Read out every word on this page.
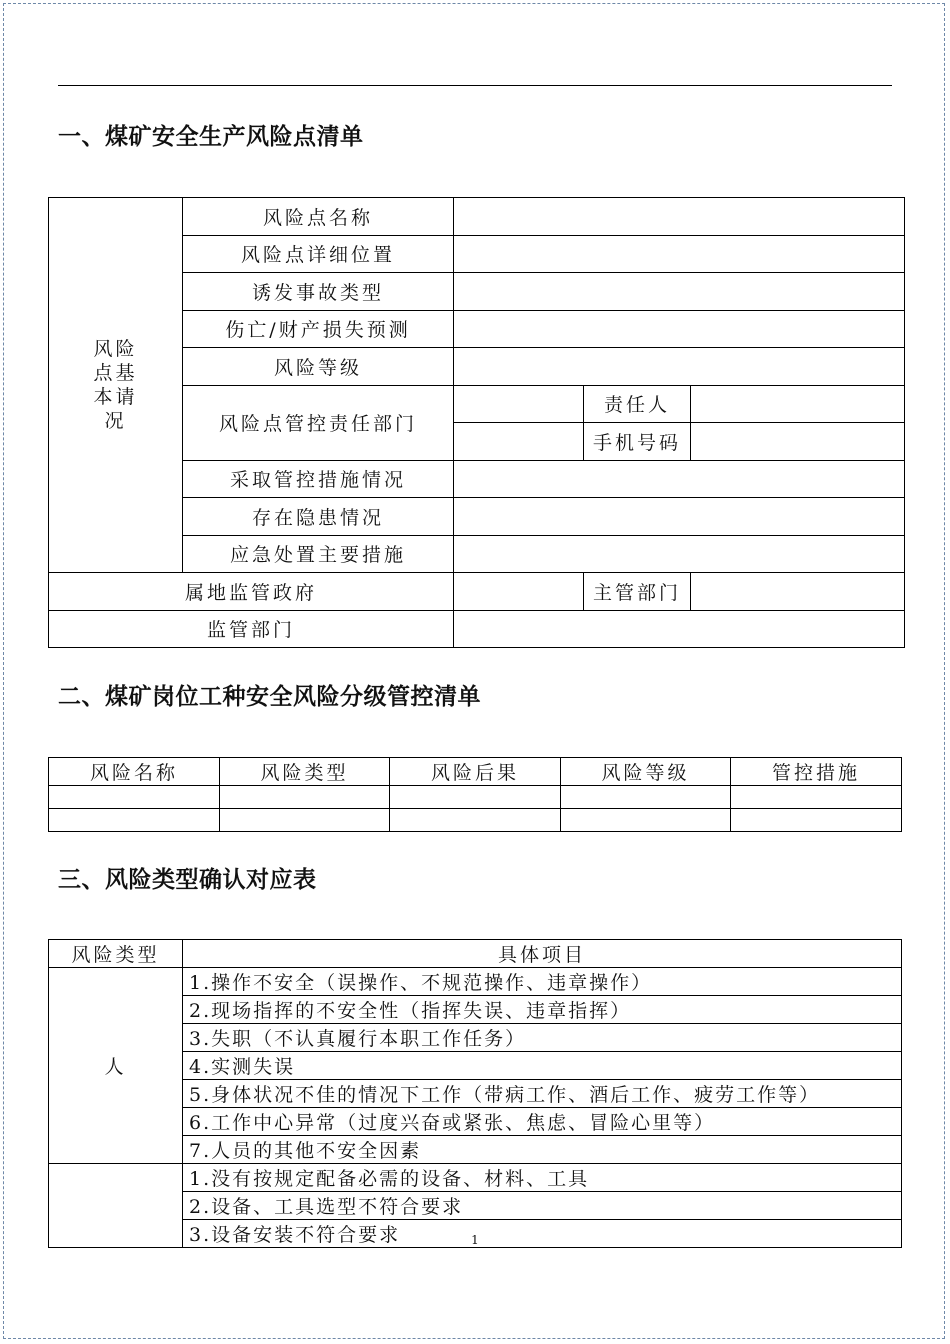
一、煤矿安全生产风险点清单
风险
点基
本请
况	风险点名称			
	风险点详细位置			
	诱发事故类型			
	伤亡/财产损失预测			
	风险等级			
	风险点管控责任部门		责任人	
			手机号码	
	采取管控措施情况			
	存在隐患情况			
	应急处置主要措施			
属地监管政府			主管部门	
监管部门				
二、煤矿岗位工种安全风险分级管控清单
风险名称	风险类型	风险后果	风险等级	管控措施

三、风险类型确认对应表
风险类型	具体项目
人	1.操作不安全（误操作、不规范操作、违章操作）
	2.现场指挥的不安全性（指挥失误、违章指挥）
	3.失职（不认真履行本职工作任务）
	4.实测失误
	5.身体状况不佳的情况下工作（带病工作、酒后工作、疲劳工作等）
	6.工作中心异常（过度兴奋或紧张、焦虑、冒险心里等）
	7.人员的其他不安全因素
	1.没有按规定配备必需的设备、材料、工具
	2.设备、工具选型不符合要求
	3.设备安装不符合要求	1
